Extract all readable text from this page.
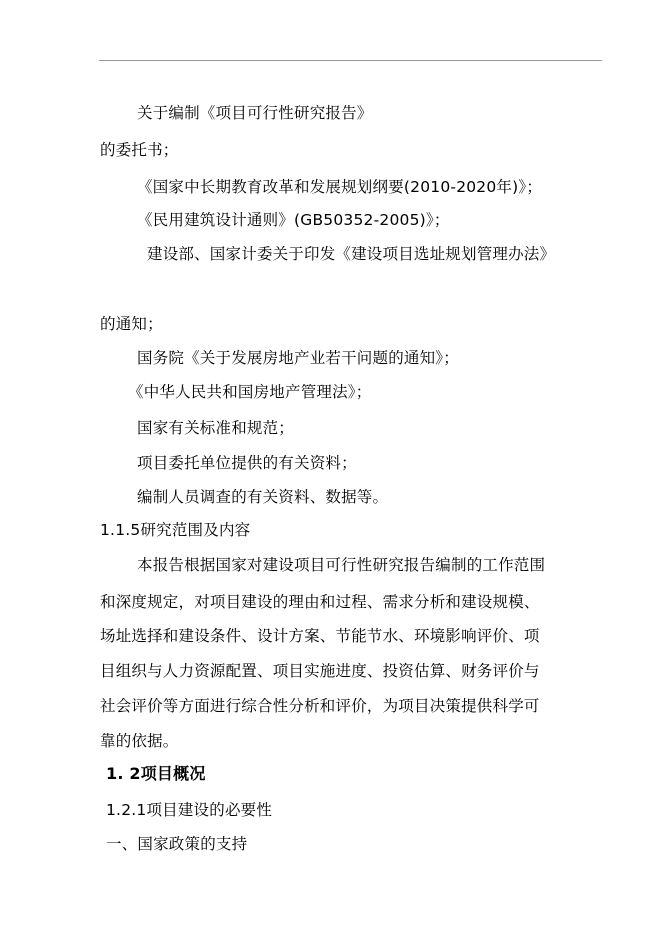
关于编制《项目可行性研究报告》
的委托书；
《国家中长期教育改革和发展规划纲要(2010-2020年)》；
《民用建筑设计通则》(GB50352-2005)》；
建设部、国家计委关于印发《建设项目选址规划管理办法》
的通知；
国务院《关于发展房地产业若干问题的通知》；
《中华人民共和国房地产管理法》；
国家有关标准和规范；
项目委托单位提供的有关资料；
编制人员调查的有关资料、数据等。
1.1.5研究范围及内容
本报告根据国家对建设项目可行性研究报告编制的工作范围
和深度规定，对项目建设的理由和过程、需求分析和建设规模、
场址选择和建设条件、设计方案、节能节水、环境影响评价、项
目组织与人力资源配置、项目实施进度、投资估算、财务评价与
社会评价等方面进行综合性分析和评价，为项目决策提供科学可
靠的依据。
1. 2项目概况
1.2.1项目建设的必要性
一、国家政策的支持
